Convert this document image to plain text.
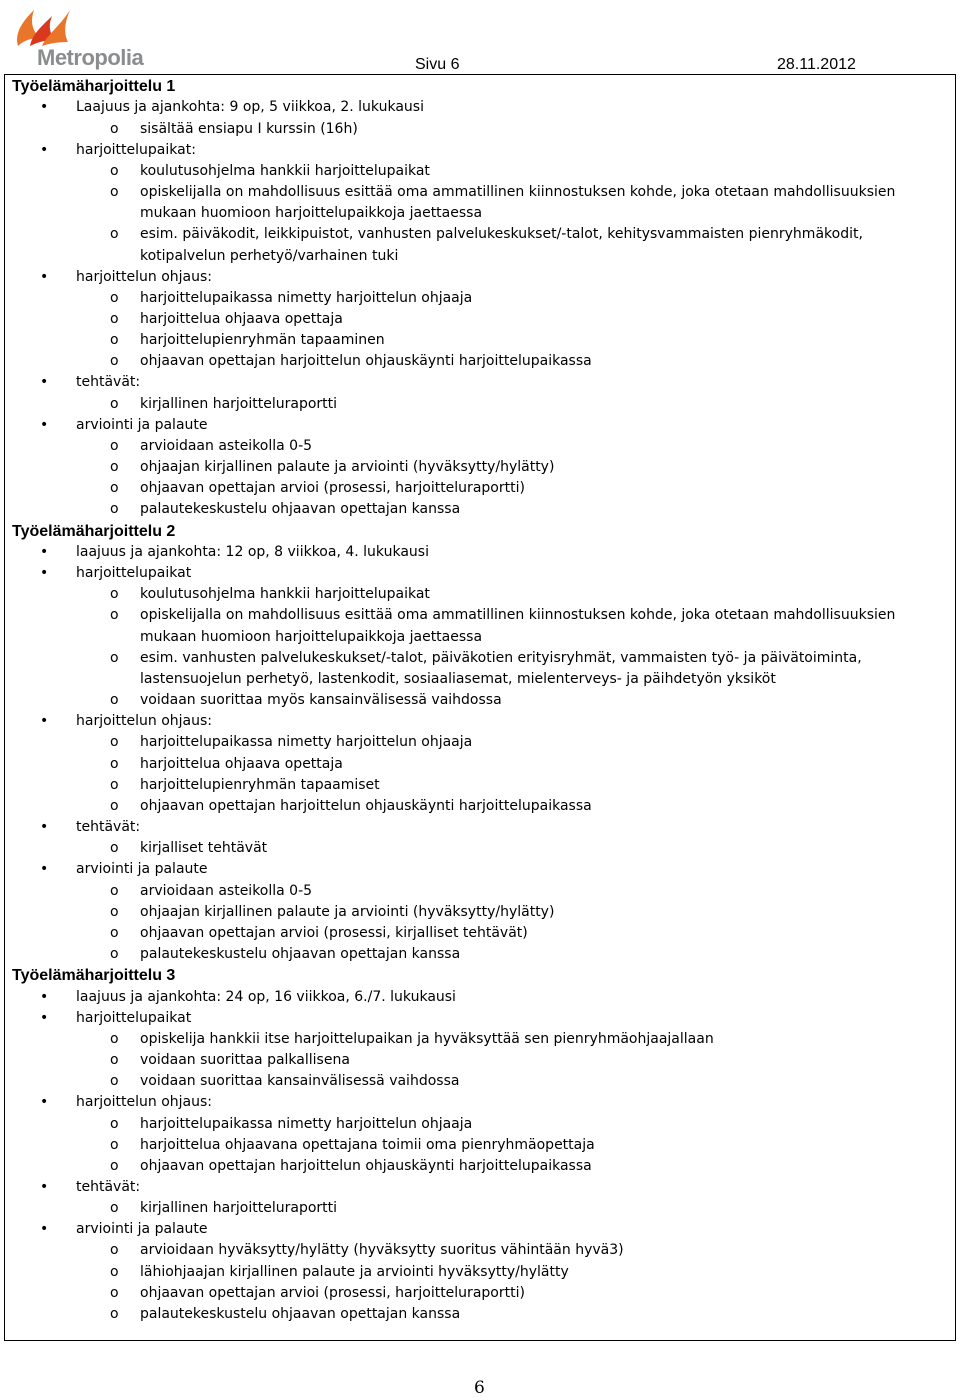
Metropolia	Sivu 6	28.11.2012
Työelämäharjoittelu 1
• Laajuus ja ajankohta: 9 op, 5 viikkoa, 2. lukukausi
o sisältää ensiapu I kurssin (16h)
• harjoittelupaikat:
o koulutusohjelma hankkii harjoittelupaikat
o opiskelijalla on mahdollisuus esittää oma ammatillinen kiinnostuksen kohde, joka otetaan mahdollisuuksien mukaan huomioon harjoittelupaikkoja jaettaessa
o esim. päiväkodit, leikkipuistot, vanhusten palvelukeskukset/-talot, kehitysvammaisten pienryhmäkodit, kotipalvelun perhetyö/varhainen tuki
• harjoittelun ohjaus:
o harjoittelupaikassa nimetty harjoittelun ohjaaja
o harjoittelua ohjaava opettaja
o harjoittelupienryhmän tapaaminen
o ohjaavan opettajan harjoittelun ohjauskäynti harjoittelupaikassa
• tehtävät:
o kirjallinen harjoitteluraportti
• arviointi ja palaute
o arvioidaan asteikolla 0-5
o ohjaajan kirjallinen palaute ja arviointi (hyväksytty/hylätty)
o ohjaavan opettajan arvioi (prosessi, harjoitteluraportti)
o palautekeskustelu ohjaavan opettajan kanssa
Työelämäharjoittelu 2
• laajuus ja ajankohta: 12 op, 8 viikkoa, 4. lukukausi
• harjoittelupaikat
o koulutusohjelma hankkii harjoittelupaikat
o opiskelijalla on mahdollisuus esittää oma ammatillinen kiinnostuksen kohde, joka otetaan mahdollisuuksien mukaan huomioon harjoittelupaikkoja jaettaessa
o esim. vanhusten palvelukeskukset/-talot, päiväkotien erityisryhmät, vammaisten työ- ja päivätoiminta, lastensuojelun perhetyö, lastenkodit, sosiaaliasemat, mielenterveys- ja päihdetyön yksiköt
o voidaan suorittaa myös kansainvälisessä vaihdossa
• harjoittelun ohjaus:
o harjoittelupaikassa nimetty harjoittelun ohjaaja
o harjoittelua ohjaava opettaja
o harjoittelupienryhmän tapaamiset
o ohjaavan opettajan harjoittelun ohjauskäynti harjoittelupaikassa
• tehtävät:
o kirjalliset tehtävät
• arviointi ja palaute
o arvioidaan asteikolla 0-5
o ohjaajan kirjallinen palaute ja arviointi (hyväksytty/hylätty)
o ohjaavan opettajan arvioi (prosessi, kirjalliset tehtävät)
o palautekeskustelu ohjaavan opettajan kanssa
Työelämäharjoittelu 3
• laajuus ja ajankohta: 24 op, 16 viikkoa, 6./7. lukukausi
• harjoittelupaikat
o opiskelija hankkii itse harjoittelupaikan ja hyväksyttää sen pienryhmäohjaajallaan
o voidaan suorittaa palkallisena
o voidaan suorittaa kansainvälisessä vaihdossa
• harjoittelun ohjaus:
o harjoittelupaikassa nimetty harjoittelun ohjaaja
o harjoittelua ohjaavana opettajana toimii oma pienryhmäopettaja
o ohjaavan opettajan harjoittelun ohjauskäynti harjoittelupaikassa
• tehtävät:
o kirjallinen harjoitteluraportti
• arviointi ja palaute
o arvioidaan hyväksytty/hylätty (hyväksytty suoritus vähintään hyvä3)
o lähiohjaajan kirjallinen palaute ja arviointi hyväksytty/hylätty
o ohjaavan opettajan arvioi (prosessi, harjoitteluraportti)
o palautekeskustelu ohjaavan opettajan kanssa
6
